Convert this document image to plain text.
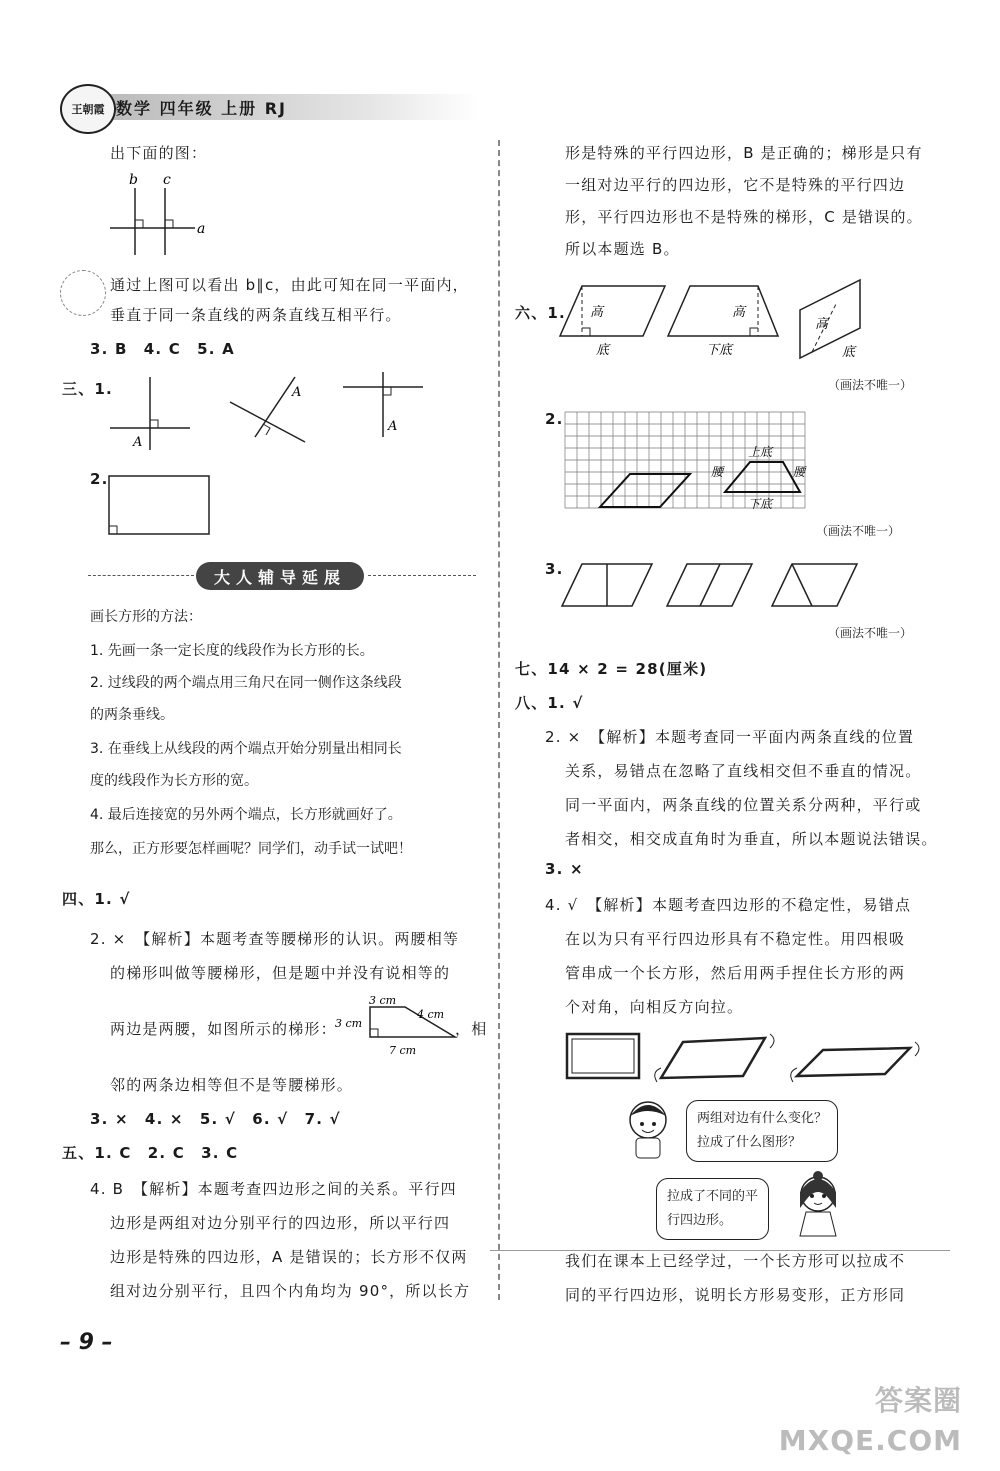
王朝霞 数学 四年级 上册 RJ
出下面的图：
b c
a
通过上图可以看出 b∥c，由此可知在同一平面内，
垂直于同一条直线的两条直线互相平行。
3. B　4. C　5. A
三、1.
A
A
A
2.
大人辅导延展
画长方形的方法：
1. 先画一条一定长度的线段作为长方形的长。
2. 过线段的两个端点用三角尺在同一侧作这条线段
的两条垂线。
3. 在垂线上从线段的两个端点开始分别量出相同长
度的线段作为长方形的宽。
4. 最后连接宽的另外两个端点，长方形就画好了。
那么，正方形要怎样画呢？同学们，动手试一试吧！
四、1. √
2. ×　【解析】本题考查等腰梯形的认识。两腰相等
的梯形叫做等腰梯形，但是题中并没有说相等的
两边是两腰，如图所示的梯形：
3 cm
3 cm
4 cm
7 cm
，相
邻的两条边相等但不是等腰梯形。
3. ×　4. ×　5. √　6. √　7. √
五、1. C　2. C　3. C
4. B　【解析】本题考查四边形之间的关系。平行四
边形是两组对边分别平行的四边形，所以平行四
边形是特殊的四边形，A 是错误的；长方形不仅两
组对边分别平行，且四个内角均为 90°，所以长方
形是特殊的平行四边形，B 是正确的；梯形是只有
一组对边平行的四边形，它不是特殊的平行四边
形，平行四边形也不是特殊的梯形，C 是错误的。
所以本题选 B。
六、1. 高
底
高
下底
高
底
（画法不唯一）
2.
上底
下底
腰	腰
（画法不唯一）
3.
（画法不唯一）
七、14 × 2 = 28(厘米)
八、1. √
2. ×　【解析】本题考查同一平面内两条直线的位置
关系，易错点在忽略了直线相交但不垂直的情况。
同一平面内，两条直线的位置关系分两种，平行或
者相交，相交成直角时为垂直，所以本题说法错误。
3. ×
4. √　【解析】本题考查四边形的不稳定性，易错点
在以为只有平行四边形具有不稳定性。用四根吸
管串成一个长方形，然后用两手捏住长方形的两
个对角，向相反方向拉。
两组对边有什么变化？
拉成了什么图形？
拉成了不同的平
行四边形。
我们在课本上已经学过，一个长方形可以拉成不
同的平行四边形，说明长方形易变形，正方形同
– 9 –
答案圈
MXQE.COM
